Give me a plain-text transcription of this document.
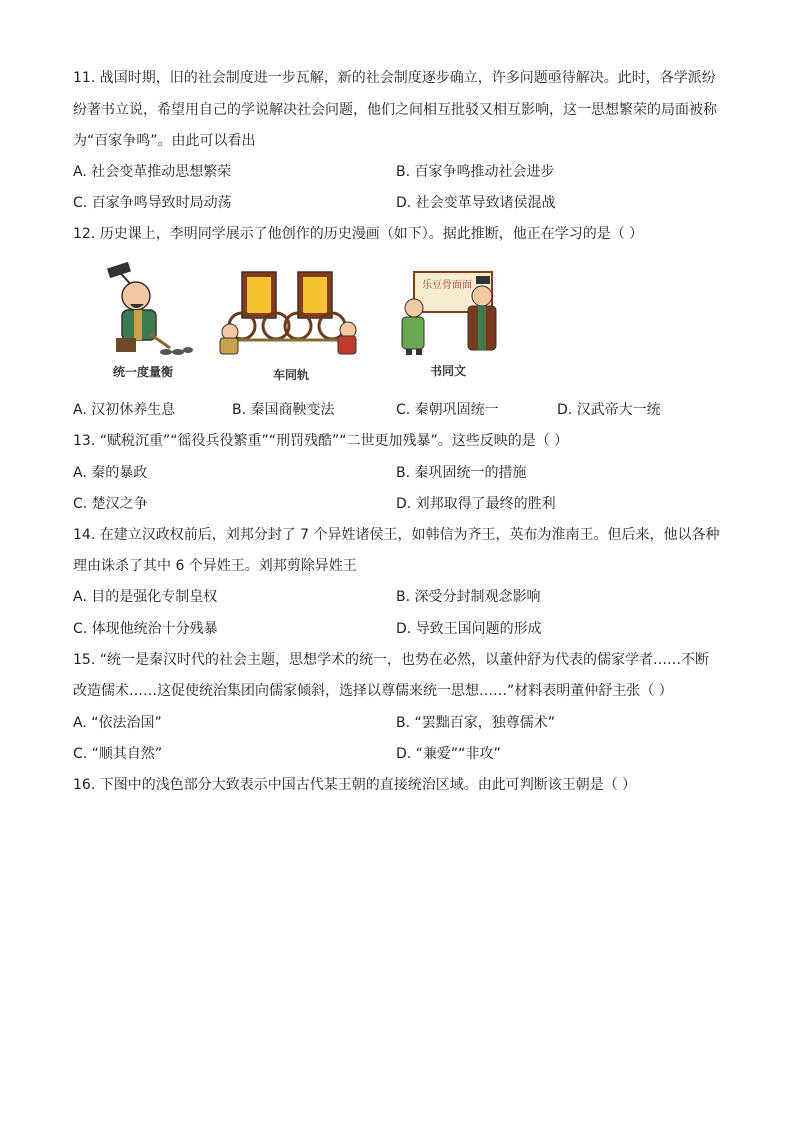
11. 战国时期，旧的社会制度进一步瓦解，新的社会制度逐步确立，许多问题亟待解决。此时，各学派纷
纷著书立说，希望用自己的学说解决社会问题，他们之间相互批驳又相互影响，这一思想繁荣的局面被称
为“百家争鸣”。由此可以看出
A. 社会变革推动思想繁荣	B. 百家争鸣推动社会进步
C. 百家争鸣导致时局动荡	D. 社会变革导致诸侯混战
12. 历史课上，李明同学展示了他创作的历史漫画（如下）。据此推断，他正在学习的是（ ）
统一度量衡	车同轨
乐豆骨面面
书同文
A. 汉初休养生息	B. 秦国商鞅变法	C. 秦朝巩固统一	D. 汉武帝大一统
13. “赋税沉重”“徭役兵役繁重”“刑罚残酷”“二世更加残暴”。这些反映的是（ ）
A. 秦的暴政	B. 秦巩固统一的措施
C. 楚汉之争	D. 刘邦取得了最终的胜利
14. 在建立汉政权前后，刘邦分封了 7 个异姓诸侯王，如韩信为齐王，英布为淮南王。但后来，他以各种
理由诛杀了其中 6 个异姓王。刘邦剪除异姓王
A. 目的是强化专制皇权	B. 深受分封制观念影响
C. 体现他统治十分残暴	D. 导致王国问题的形成
15. “统一是秦汉时代的社会主题，思想学术的统一，也势在必然，以董仲舒为代表的儒家学者……不断
改造儒术……这促使统治集团向儒家倾斜，选择以尊儒来统一思想……”材料表明董仲舒主张（ ）
A. “依法治国”	B. “罢黜百家，独尊儒术”
C. “顺其自然”	D. “兼爱”“非攻”
16. 下图中的浅色部分大致表示中国古代某王朝的直接统治区域。由此可判断该王朝是（ ）
